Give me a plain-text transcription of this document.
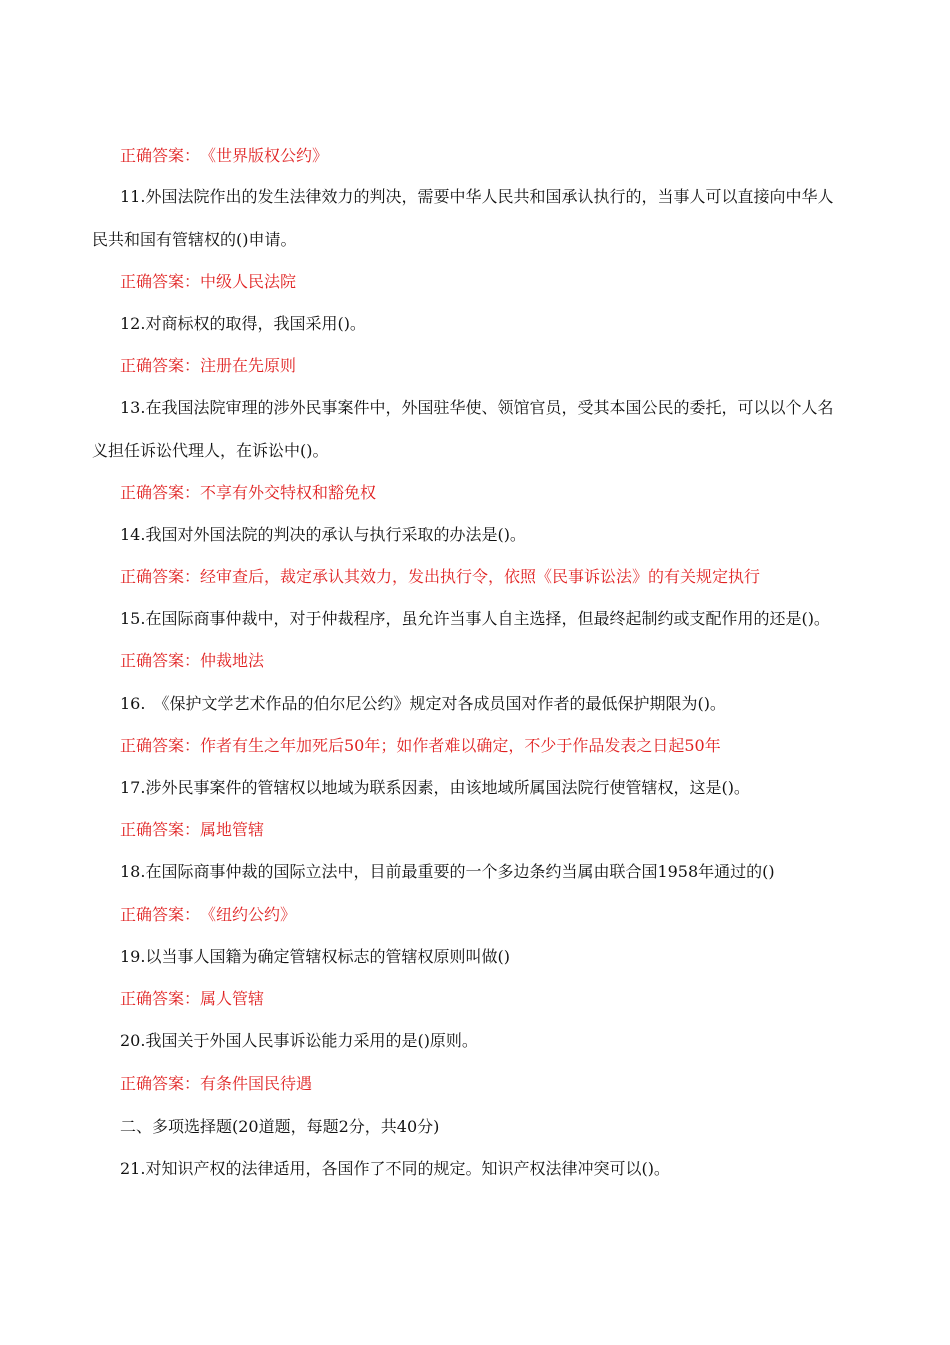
正确答案：　《世界版权公约》
11.外国法院作出的发生法律效力的判决，需要中华人民共和国承认执行的，当事人可以直接向中华人
民共和国有管辖权的()申请。
正确答案：中级人民法院
12.对商标权的取得，我国采用()。
正确答案：注册在先原则
13.在我国法院审理的涉外民事案件中，外国驻华使、领馆官员，受其本国公民的委托，可以以个人名
义担任诉讼代理人，在诉讼中()。
正确答案：不享有外交特权和豁免权
14.我国对外国法院的判决的承认与执行采取的办法是()。
正确答案：经审查后，裁定承认其效力，发出执行令，依照《民事诉讼法》的有关规定执行
15.在国际商事仲裁中，对于仲裁程序，虽允许当事人自主选择，但最终起制约或支配作用的还是()。
正确答案：仲裁地法
16.　《保护文学艺术作品的伯尔尼公约》规定对各成员国对作者的最低保护期限为()。
正确答案：作者有生之年加死后50年；如作者难以确定，不少于作品发表之日起50年
17.涉外民事案件的管辖权以地域为联系因素，由该地域所属国法院行使管辖权，这是()。
正确答案：属地管辖
18.在国际商事仲裁的国际立法中，目前最重要的一个多边条约当属由联合国1958年通过的()
正确答案：　《纽约公约》
19.以当事人国籍为确定管辖权标志的管辖权原则叫做()
正确答案：属人管辖
20.我国关于外国人民事诉讼能力采用的是()原则。
正确答案：有条件国民待遇
二、多项选择题(20道题，每题2分，共40分)
21.对知识产权的法律适用，各国作了不同的规定。知识产权法律冲突可以()。
